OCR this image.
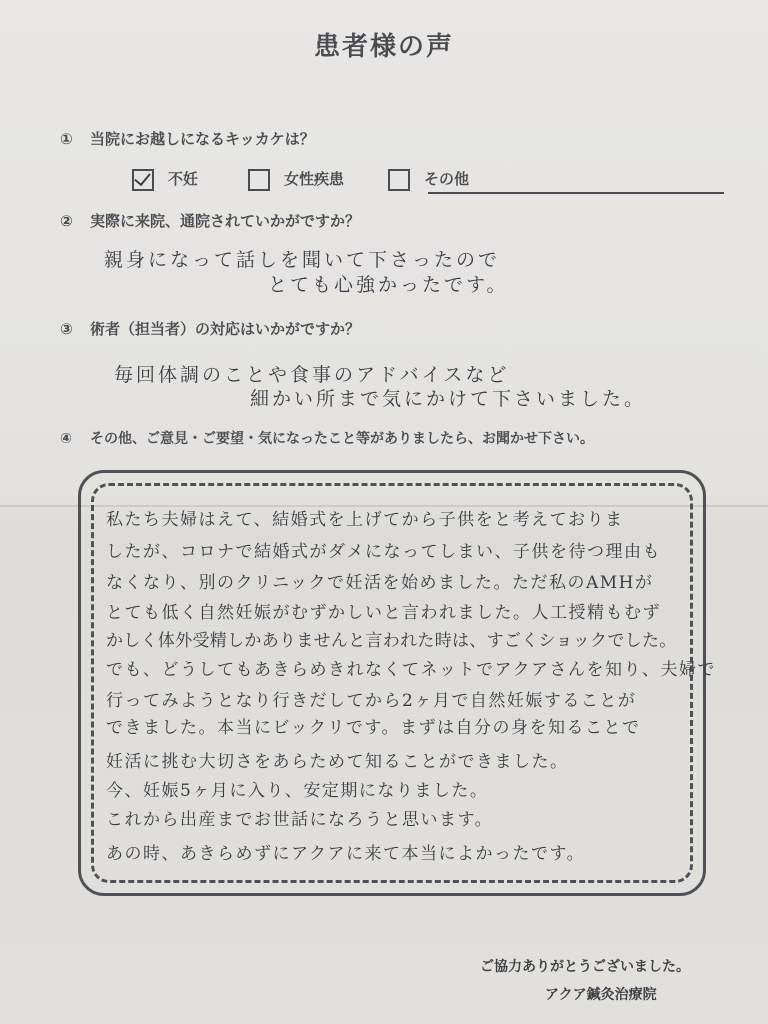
患者様の声
① 当院にお越しになるキッカケは？
不妊	女性疾患	その他
② 実際に来院、通院されていかがですか？
親身になって話しを聞いて下さったので
とても心強かったです。
③ 術者（担当者）の対応はいかがですか？
毎回体調のことや食事のアドバイスなど
細かい所まで気にかけて下さいました。
④ その他、ご意見・ご要望・気になったこと等がありましたら、お聞かせ下さい。
私たち夫婦はえて、結婚式を上げてから子供をと考えておりま
したが、コロナで結婚式がダメになってしまい、子供を待つ理由も
なくなり、別のクリニックで妊活を始めました。ただ私のAMHが
とても低く自然妊娠がむずかしいと言われました。人工授精もむず
かしく体外受精しかありませんと言われた時は、すごくショックでした。
でも、どうしてもあきらめきれなくてネットでアクアさんを知り、夫婦で
行ってみようとなり行きだしてから2ヶ月で自然妊娠することが
できました。本当にビックリです。まずは自分の身を知ることで
妊活に挑む大切さをあらためて知ることができました。
今、妊娠5ヶ月に入り、安定期になりました。
これから出産までお世話になろうと思います。
あの時、あきらめずにアクアに来て本当によかったです。
ご協力ありがとうございました。
アクア鍼灸治療院
